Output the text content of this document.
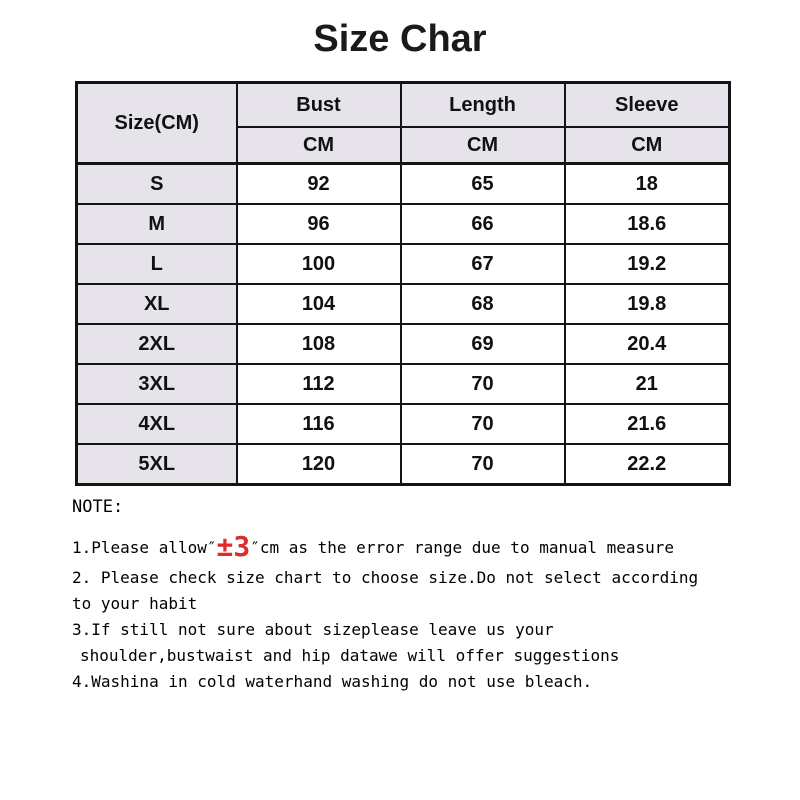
Size Char
Size(CM)	Bust	Length	Sleeve
	CM	CM	CM
S	92	65	18
M	96	66	18.6
L	100	67	19.2
XL	104	68	19.8
2XL	108	69	20.4
3XL	112	70	21
4XL	116	70	21.6
5XL	120	70	22.2
NOTE:
1.Please allow″±3″cm as the error range due to manual measure
2. Please check size chart to choose size.Do not select according
to your habit
3.If still not sure about sizeplease leave us your
shoulder,bustwaist and hip datawe will offer suggestions
4.Washina in cold waterhand washing do not use bleach.
